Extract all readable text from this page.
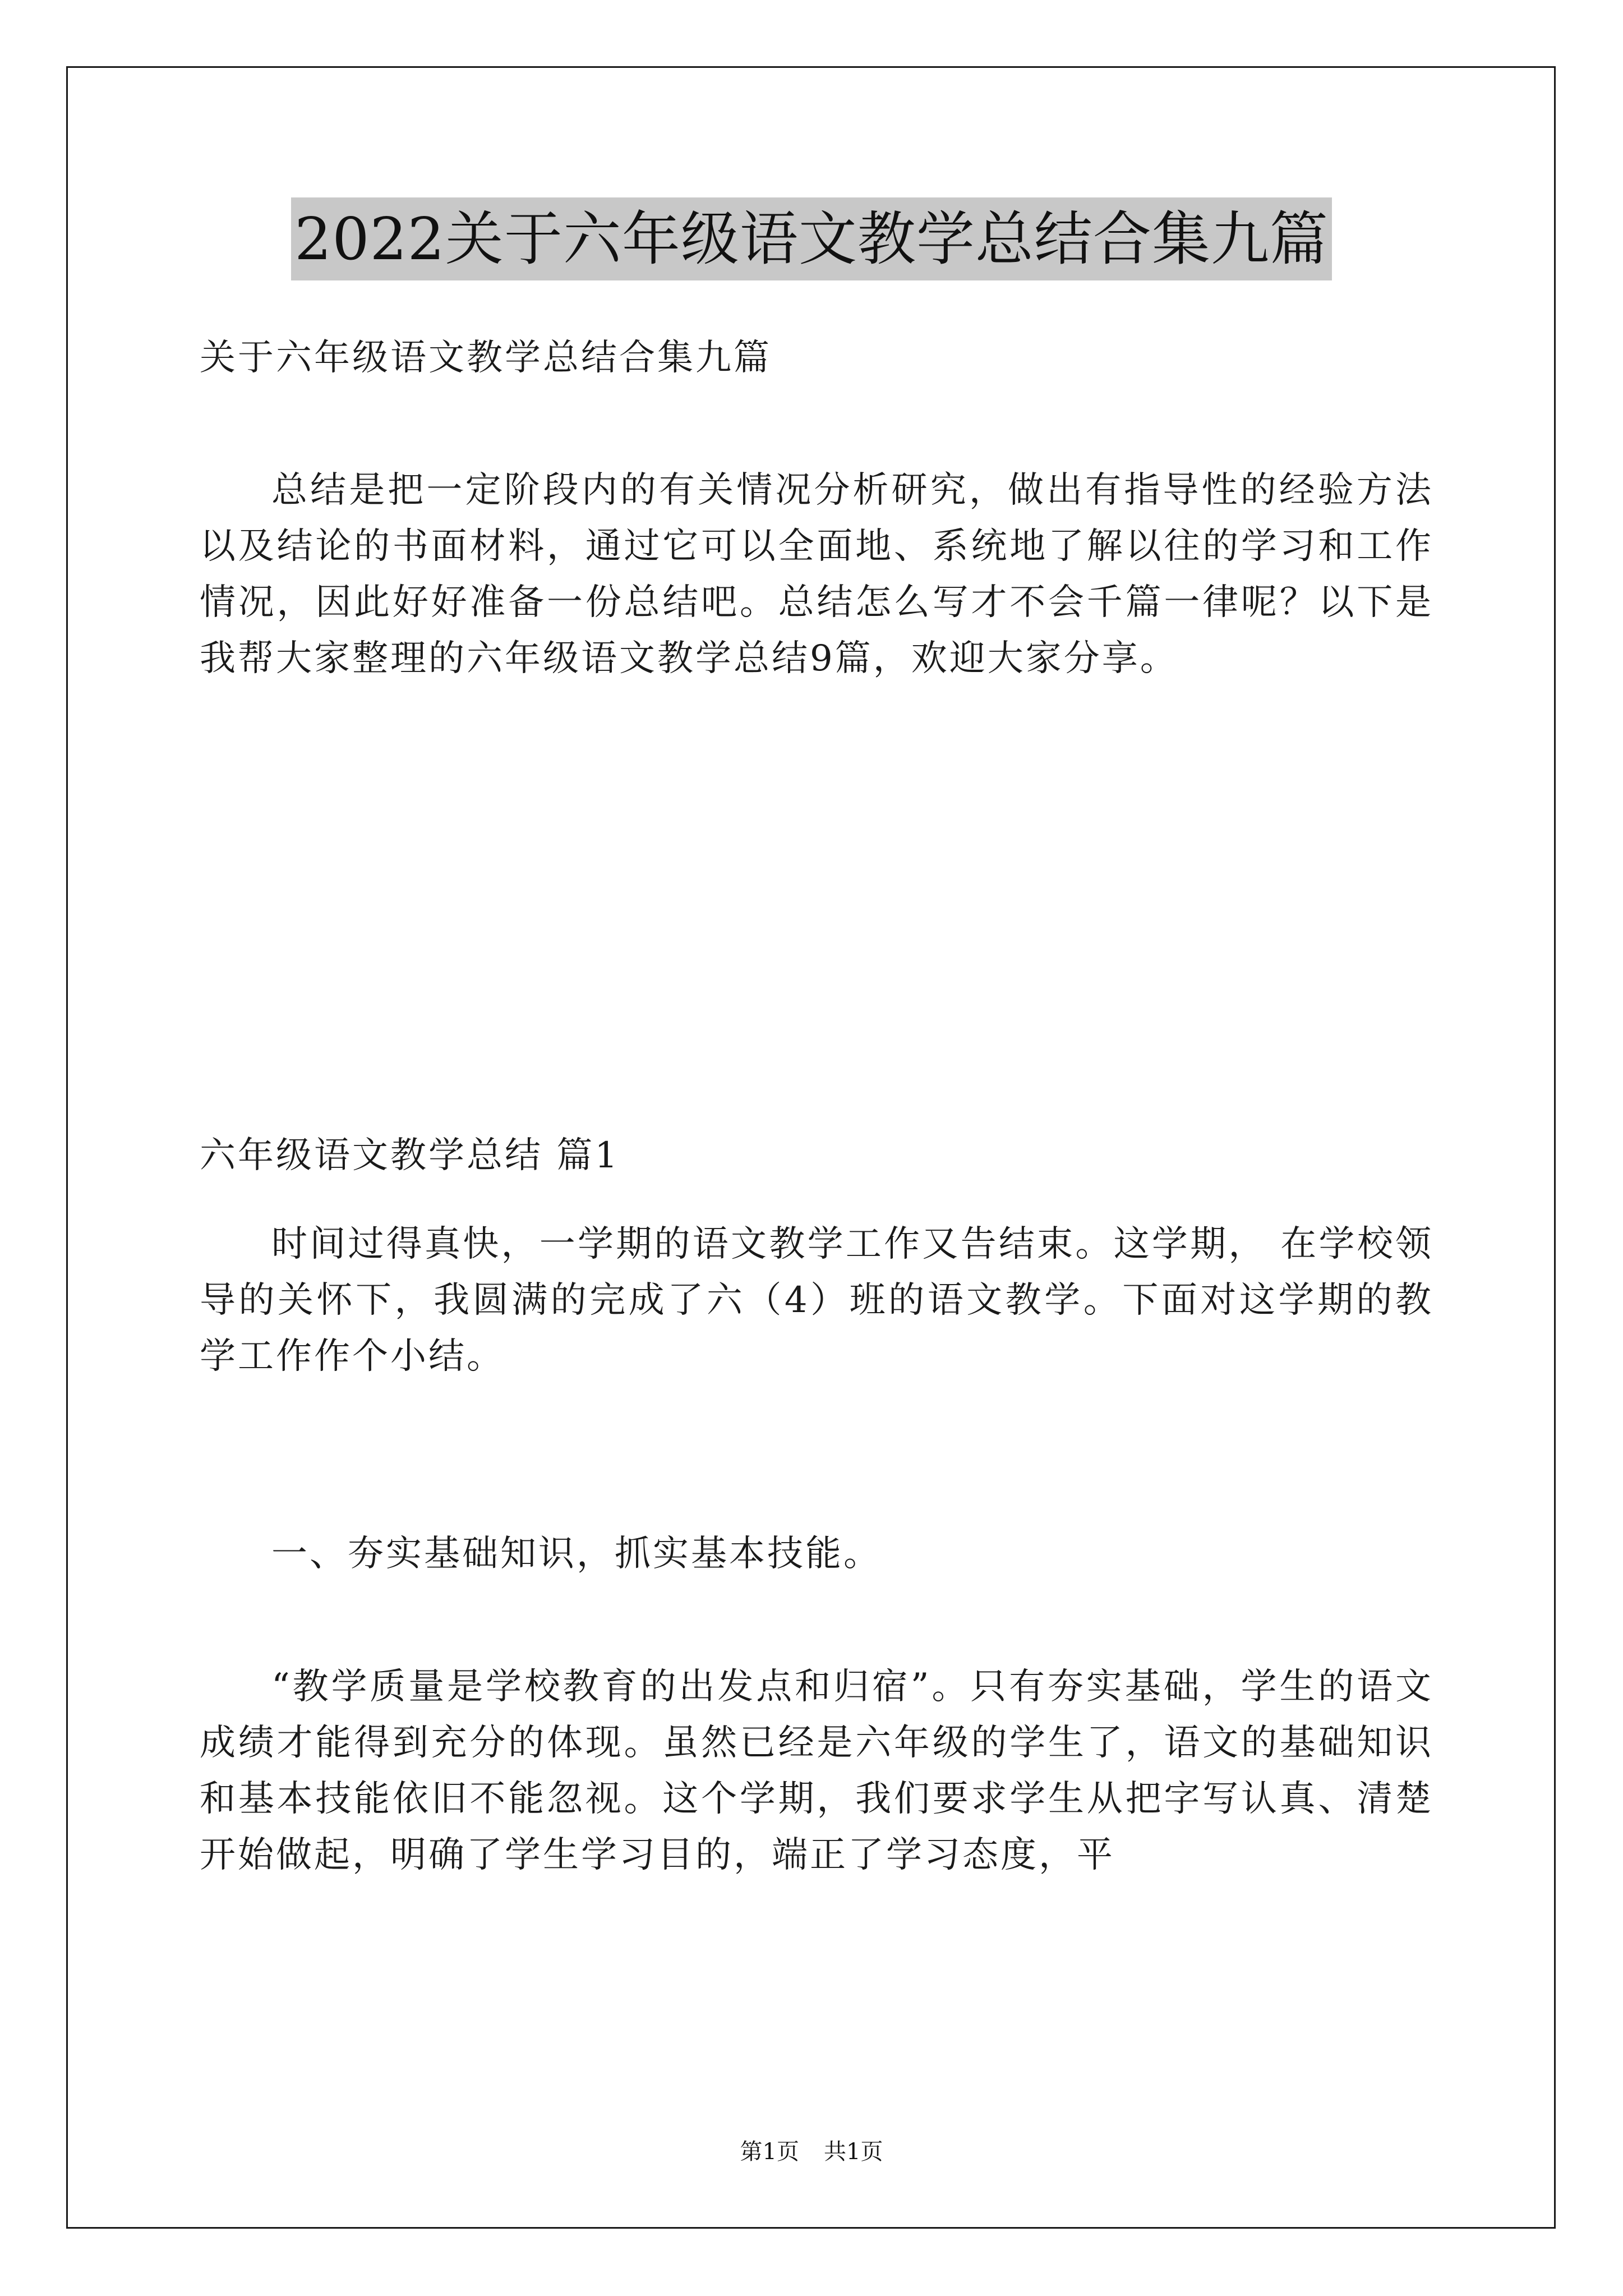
2022关于六年级语文教学总结合集九篇

关于六年级语文教学总结合集九篇

总结是把一定阶段内的有关情况分析研究，做出有指导性的经验方法以及结论的书面材料，通过它可以全面地、系统地了解以往的学习和工作情况，因此好好准备一份总结吧。总结怎么写才不会千篇一律呢？以下是我帮大家整理的六年级语文教学总结9篇，欢迎大家分享。

六年级语文教学总结 篇1

时间过得真快，一学期的语文教学工作又告结束。这学期， 在学校领导的关怀下，我圆满的完成了六（4）班的语文教学。下面对这学期的教学工作作个小结。

一、夯实基础知识，抓实基本技能。

“教学质量是学校教育的出发点和归宿”。只有夯实基础，学生的语文成绩才能得到充分的体现。虽然已经是六年级的学生了，语文的基础知识和基本技能依旧不能忽视。这个学期，我们要求学生从把字写认真、清楚开始做起，明确了学生学习目的，端正了学习态度，平

第1页 共1页
